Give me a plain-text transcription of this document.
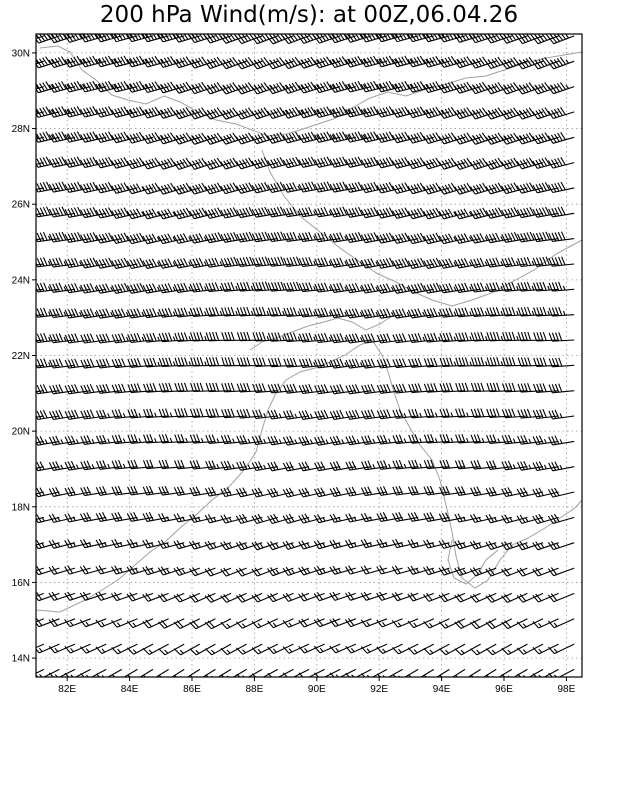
200 hPa Wind(m/s): at 00Z,06.04.26
82E	84E	86E	88E	90E	92E	94E	96E	98E
14N
16N
18N
20N
22N
24N
26N
28N
30N
